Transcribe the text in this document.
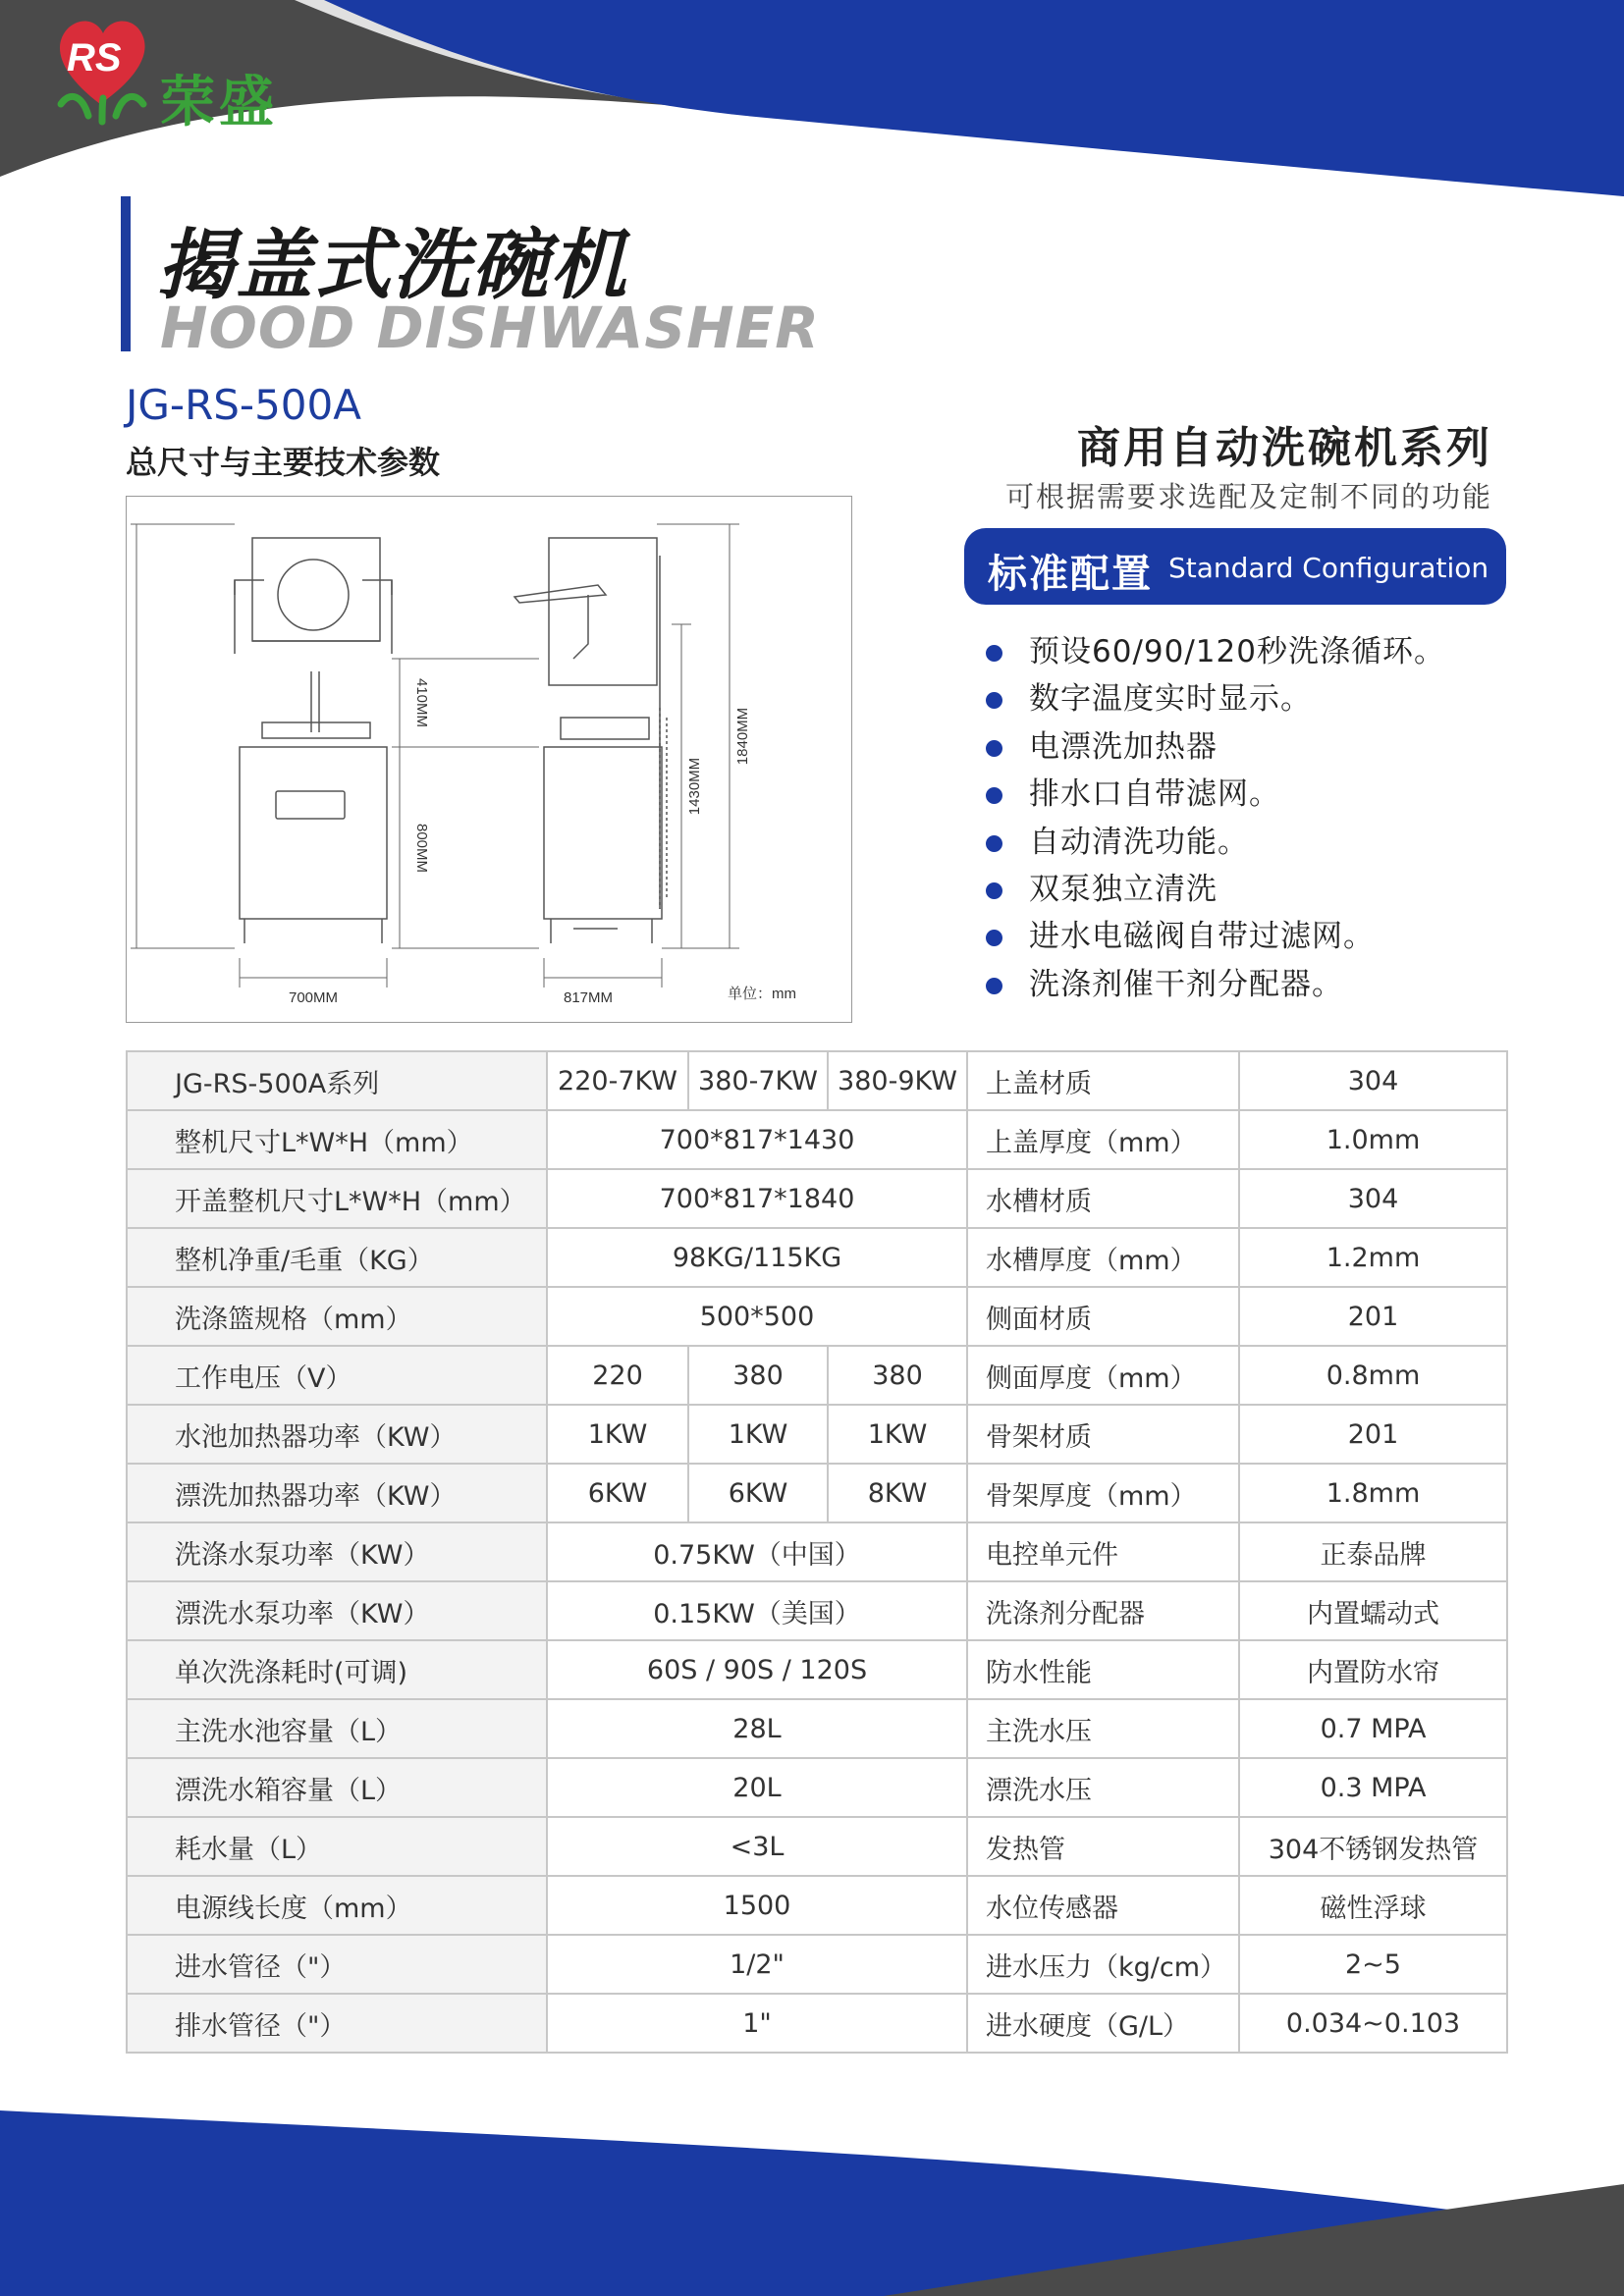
RS
荣盛
揭盖式洗碗机
HOOD DISHWASHER
JG-RS-500A
总尺寸与主要技术参数	商用自动洗碗机系列
可根据需要求选配及定制不同的功能
标准配置 Standard Configuration
预设60/90/120秒洗涤循环。
数字温度实时显示。
电漂洗加热器
排水口自带滤网。
自动清洗功能。
双泵独立清洗
进水电磁阀自带过滤网。
洗涤剂催干剂分配器。
410MM
800MM
1430MM
1840MM
700MM	817MM	单位：mm
JG-RS-500A系列	220-7KW	380-7KW	380-9KW	上盖材质	304
整机尺寸L*W*H（mm）	700*817*1430			上盖厚度（mm）	1.0mm
开盖整机尺寸L*W*H（mm）	700*817*1840			水槽材质	304
整机净重/毛重（KG）	98KG/115KG			水槽厚度（mm）	1.2mm
洗涤篮规格（mm）	500*500			侧面材质	201
工作电压（V）	220	380	380	侧面厚度（mm）	0.8mm
水池加热器功率（KW）	1KW	1KW	1KW	骨架材质	201
漂洗加热器功率（KW）	6KW	6KW	8KW	骨架厚度（mm）	1.8mm
洗涤水泵功率（KW）	0.75KW（中国）			电控单元件	正泰品牌
漂洗水泵功率（KW）	0.15KW（美国）			洗涤剂分配器	内置蠕动式
单次洗涤耗时(可调)	60S / 90S / 120S			防水性能	内置防水帘
主洗水池容量（L）	28L			主洗水压	0.7 MPA
漂洗水箱容量（L）	20L			漂洗水压	0.3 MPA
耗水量（L）	<3L			发热管	304不锈钢发热管
电源线长度（mm）	1500			水位传感器	磁性浮球
进水管径（"）	1/2"			进水压力（kg/cm）	2~5
排水管径（"）	1"			进水硬度（G/L）	0.034~0.103
